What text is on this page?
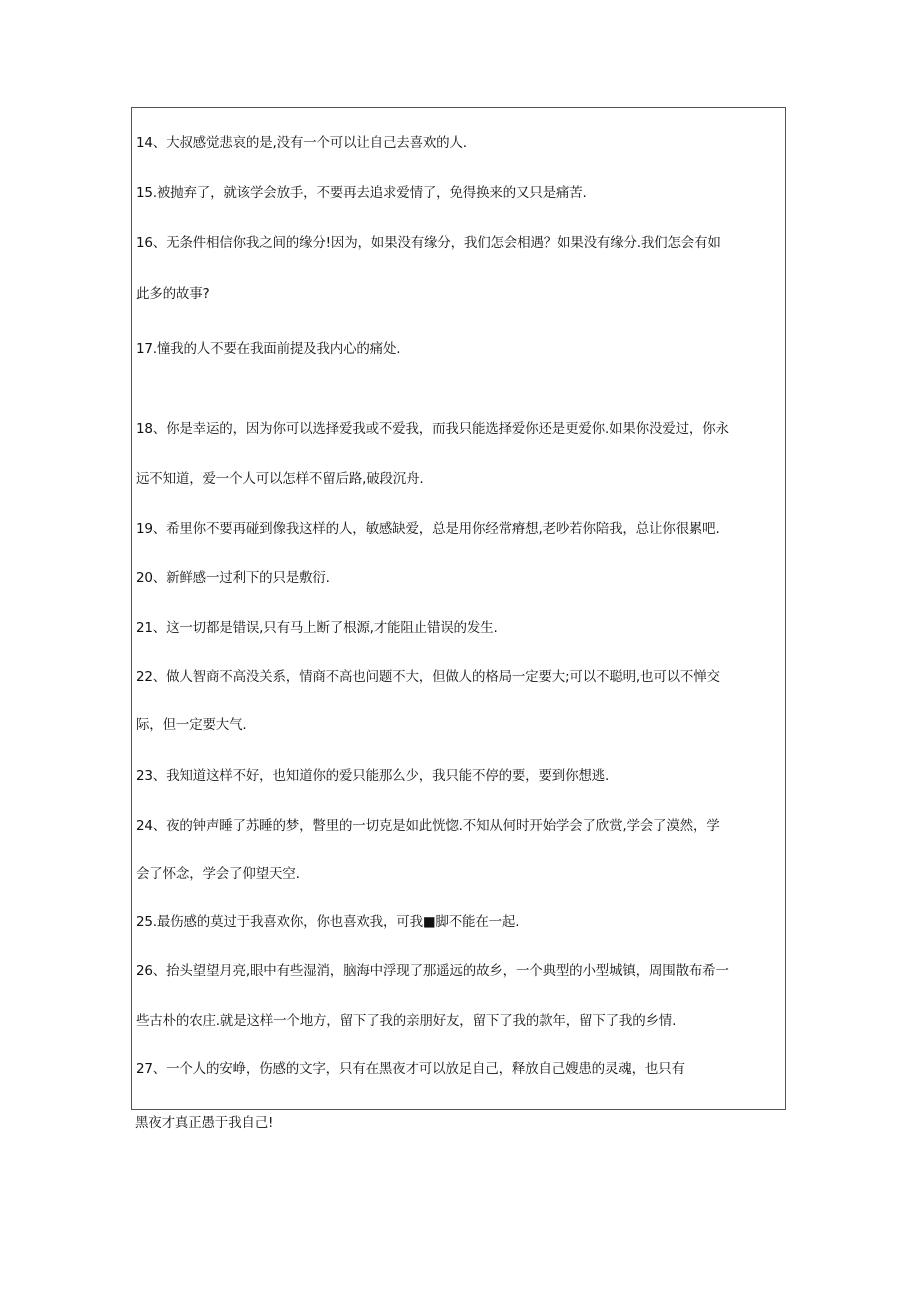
14、大叔感觉悲哀的是,没有一个可以让自己去喜欢的人.
15.被抛弃了，就该学会放手，不要再去追求爱情了，免得换来的又只是痛苦.
16、无条件相信你我之间的缘分!因为，如果没有缘分，我们怎会相遇？如果没有缘分.我们怎会有如
此多的故事?
17.憧我的人不要在我面前提及我内心的痛处.
18、你是幸运的，因为你可以选择爱我或不爱我，而我只能选择爱你还是更爱你.如果你没爱过，你永
远不知道，爱一个人可以怎样不留后路,破段沉舟.
19、希里你不要再碰到像我这样的人，敏感缺爱，总是用你经常瘠想,老吵若你陪我，总让你很累吧.
20、新鲜感一过利下的只是敷衍.
21、这一切都是错误,只有马上断了根源,才能阻止错误的发生.
22、做人智商不高没关系，情商不高也问题不大，但做人的格局一定要大;可以不聪明,也可以不惮交
际，但一定要大气.
23、我知道这样不好，也知道你的爱只能那么少，我只能不停的要，要到你想逃.
24、夜的钟声睡了苏睡的梦，瞥里的一切克是如此恍惚.不知从何时开始学会了欣赏,学会了漠然，学
会了怀念，学会了仰望天空.
25.最伤感的莫过于我喜欢你，你也喜欢我，可我■脚不能在一起.
26、抬头望望月亮,眼中有些湿消，脑海中浮现了那遥远的故乡，一个典型的小型城镇，周围散布希一
些古朴的农庄.就是这样一个地方，留下了我的亲朋好友，留下了我的款年，留下了我的乡情.
27、一个人的安峥，伤感的文字，只有在黑夜才可以放足自己，释放自己嫂患的灵魂，也只有
黑夜才真正愚于我自己!
